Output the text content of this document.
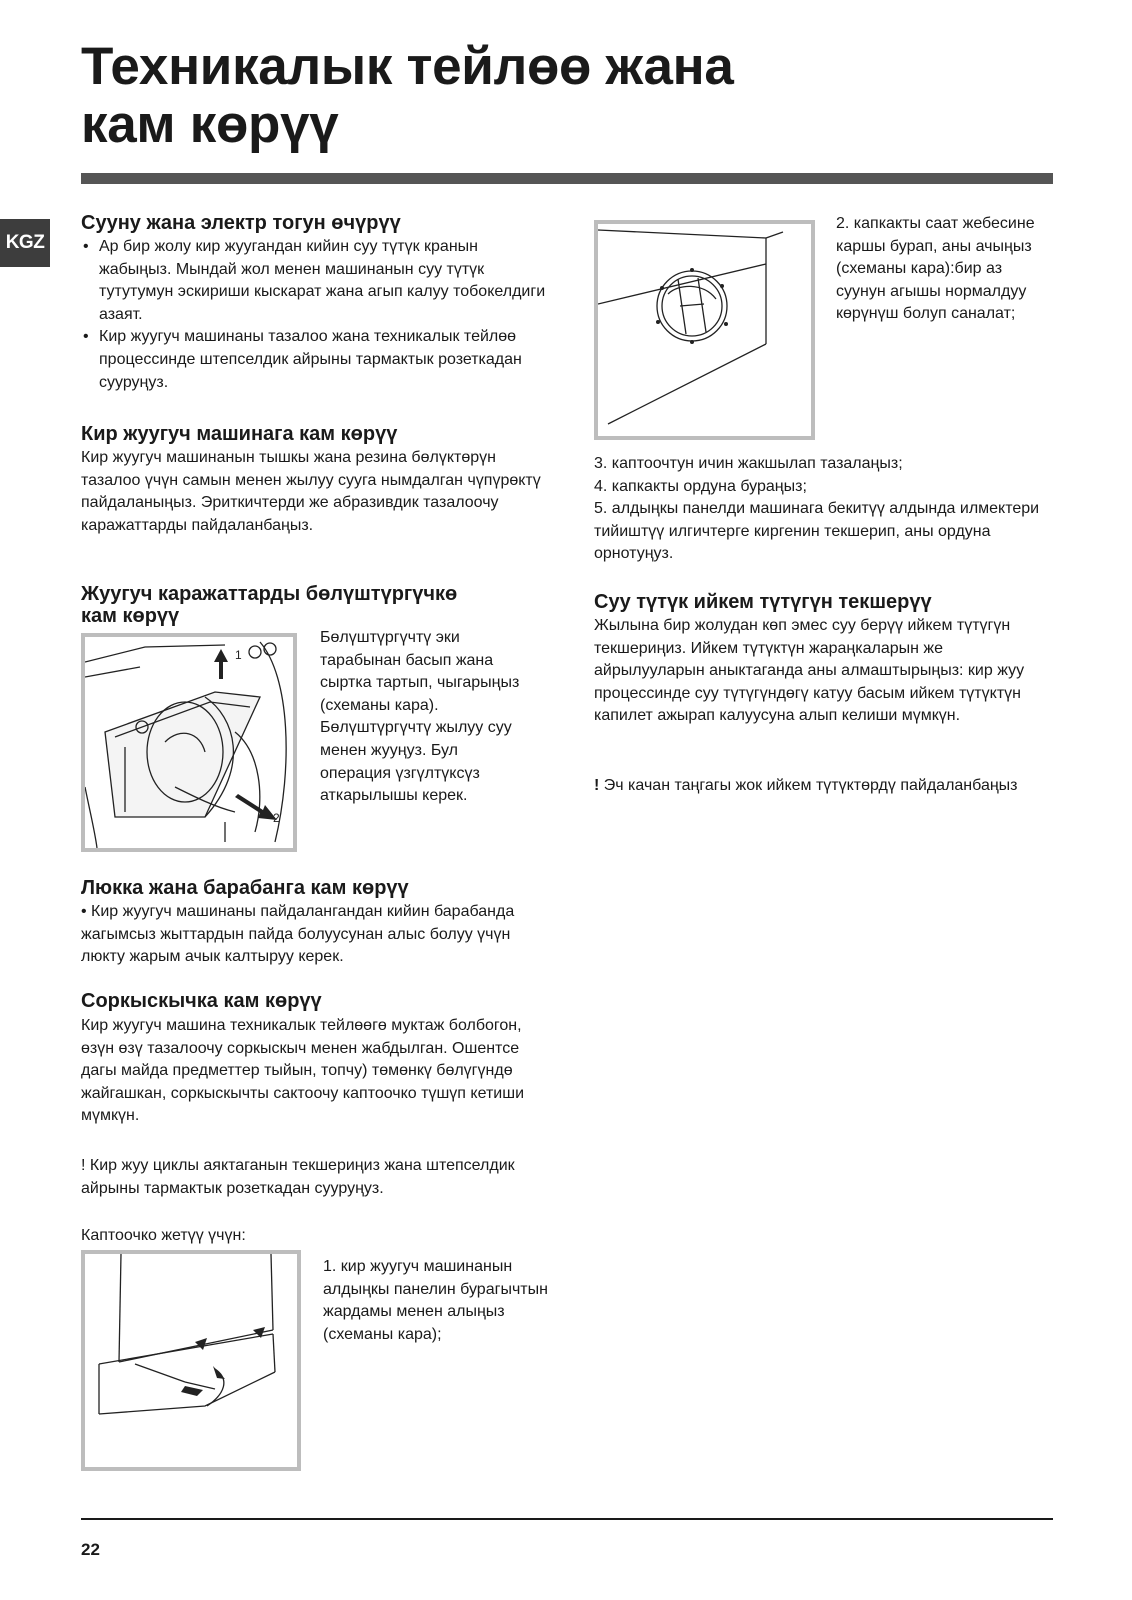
Техникалык тейлөө жана
кам көрүү
KGZ
Сууну жана электр тогун өчүрүү
• Ар бир жолу кир жуугандан кийин суу түтүк кранын жабыңыз. Мындай жол менен машинанын суу түтүк тутутумун эскириши кыскарат жана агып калуу тобокелдиги азаят.
• Кир жуугуч машинаны тазалоо жана техникалык тейлөө процессинде штепселдик айрыны тармактык розеткадан сууруңуз.
Кир жуугуч машинага кам көрүү

Кир жуугуч машинанын тышкы жана резина бөлүктөрүн тазалоо үчүн самын менен жылуу сууга нымдалган чүпүрөктү пайдаланыңыз. Эриткичтерди же абразивдик тазалоочу каражаттарды пайдаланбаңыз.

Жуугуч каражаттарды бөлүштүргүчкө
кам көрүү
1
2

Бөлүштүргүчтү эки тарабынан басып жана сыртка тартып, чыгарыңыз (схеманы кара). Бөлүштүргүчтү жылуу суу менен жууңуз. Бул операция үзгүлтүксүз аткарылышы керек.

Люкка жана барабанга кам көрүү

• Кир жуугуч машинаны пайдалангандан кийин барабанда жагымсыз жыттардын пайда болуусунан алыс болуу үчүн люкту жарым ачык калтыруу керек.

Соркыскычка кам көрүү

Кир жуугуч машина техникалык тейлөөгө муктаж болбогон, өзүн өзү тазалоочу соркыскыч менен жабдылган. Ошентсе дагы майда предметтер тыйын, топчу) төмөнкү бөлүгүндө жайгашкан, соркыскычты сактоочу каптоочко түшүп кетиши мүмкүн.

! Кир жуу циклы аяктаганын текшериңиз жана штепселдик айрыны тармактык розеткадан сууруңуз.

Каптоочко жетүү үчүн:

1. кир жуугуч машинанын алдыңкы панелин бурагычтын жардамы менен алыңыз (схеманы кара);

2. капкакты саат жебесине каршы бурап, аны ачыңыз (схеманы кара):бир аз суунун агышы нормалдуу көрүнүш болуп саналат;

3. каптоочтун ичин жакшылап тазалаңыз;
4. капкакты ордуна бураңыз;
5. алдыңкы панелди машинага бекитүү алдында илмектери тийиштүү илгичтерге киргенин текшерип, аны ордуна орнотуңуз.
Суу түтүк ийкем түтүгүн текшерүү

Жылына бир жолудан көп эмес суу берүү ийкем түтүгүн текшериңиз. Ийкем түтүктүн жараңкаларын же айрылууларын аныктаганда аны алмаштырыңыз: кир жуу процессинде суу түтүгүндөгү катуу басым ийкем түтүктүн капилет ажырап калуусуна алып келиши мүмкүн.

! Эч качан таңгагы жок ийкем түтүктөрдү пайдаланбаңыз

22
